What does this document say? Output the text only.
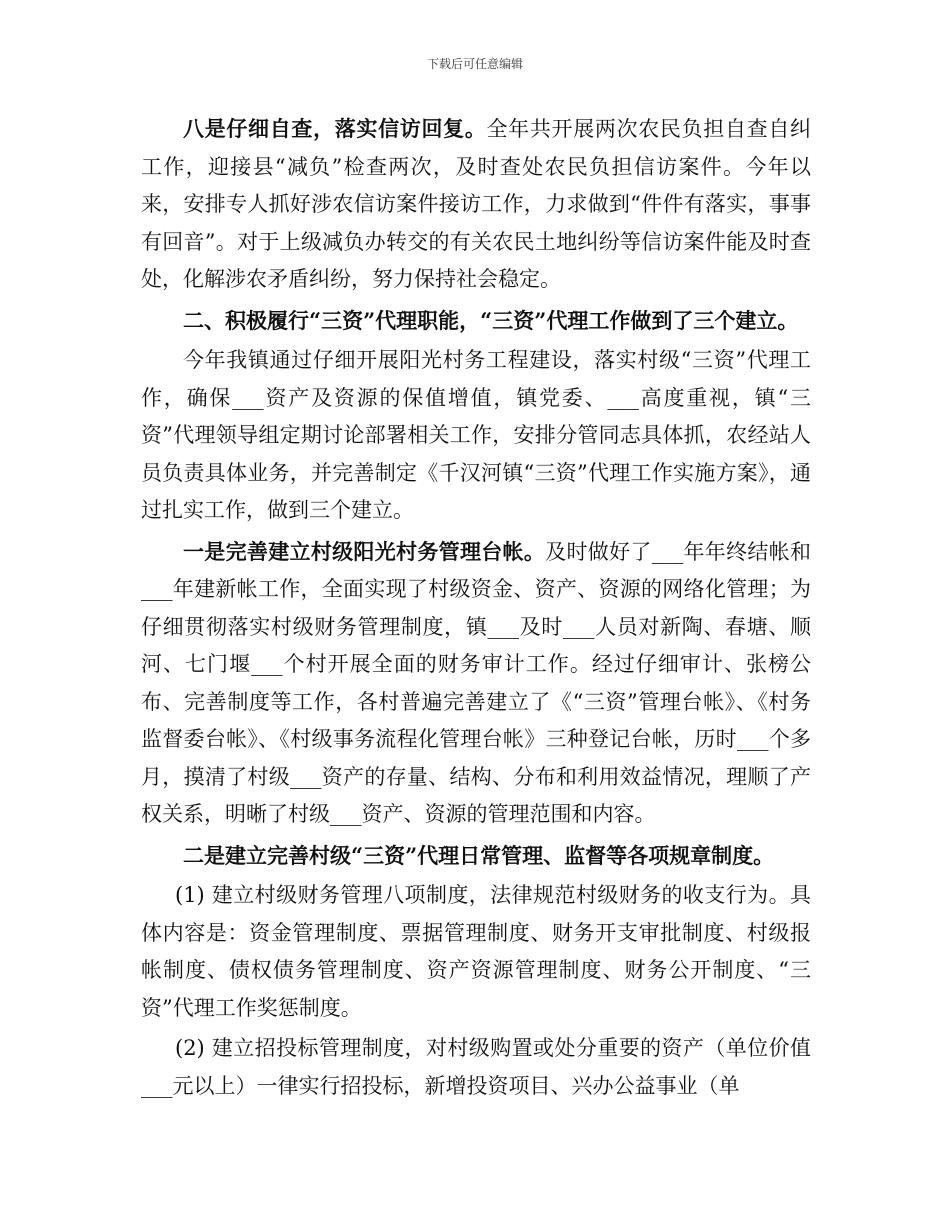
下载后可任意编辑

八是仔细自查，落实信访回复。全年共开展两次农民负担自查自纠工作，迎接县“减负”检查两次，及时查处农民负担信访案件。今年以来，安排专人抓好涉农信访案件接访工作，力求做到“件件有落实，事事有回音”。对于上级减负办转交的有关农民土地纠纷等信访案件能及时查处，化解涉农矛盾纠纷，努力保持社会稳定。

二、积极履行“三资”代理职能，“三资”代理工作做到了三个建立。

今年我镇通过仔细开展阳光村务工程建设，落实村级“三资”代理工作，确保___资产及资源的保值增值，镇党委、___高度重视，镇“三资”代理领导组定期讨论部署相关工作，安排分管同志具体抓，农经站人员负责具体业务，并完善制定《千汉河镇“三资”代理工作实施方案》，通过扎实工作，做到三个建立。

一是完善建立村级阳光村务管理台帐。及时做好了___年年终结帐和___年建新帐工作，全面实现了村级资金、资产、资源的网络化管理；为仔细贯彻落实村级财务管理制度，镇___及时___人员对新陶、春塘、顺河、七门堰___个村开展全面的财务审计工作。经过仔细审计、张榜公布、完善制度等工作，各村普遍完善建立了《“三资”管理台帐》、《村务监督委台帐》、《村级事务流程化管理台帐》三种登记台帐，历时___个多月，摸清了村级___资产的存量、结构、分布和利用效益情况，理顺了产权关系，明晰了村级___资产、资源的管理范围和内容。

二是建立完善村级“三资”代理日常管理、监督等各项规章制度。

(1) 建立村级财务管理八项制度，法律规范村级财务的收支行为。具体内容是：资金管理制度、票据管理制度、财务开支审批制度、村级报帐制度、债权债务管理制度、资产资源管理制度、财务公开制度、“三资”代理工作奖惩制度。

(2) 建立招投标管理制度，对村级购置或处分重要的资产（单位价值___元以上）一律实行招投标，新增投资项目、兴办公益事业（单
